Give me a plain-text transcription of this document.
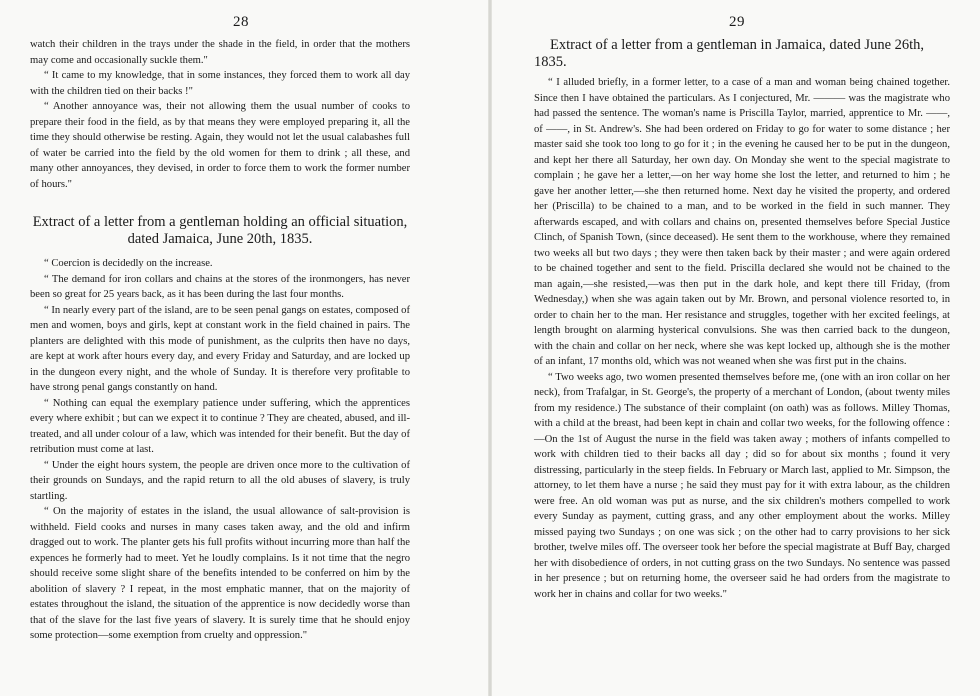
28

watch their children in the trays under the shade in the field, in order that the mothers may come and occasionally suckle them."

“ It came to my knowledge, that in some instances, they forced them to work all day with the children tied on their backs !"

“ Another annoyance was, their not allowing them the usual number of cooks to prepare their food in the field, as by that means they were employed preparing it, all the time they should otherwise be resting. Again, they would not let the usual calabashes full of water be carried into the field by the old women for them to drink ; all these, and many other annoyances, they devised, in order to force them to work the former number of hours."

Extract of a letter from a gentleman holding an official situation, dated Jamaica, June 20th, 1835.

“ Coercion is decidedly on the increase.

“ The demand for iron collars and chains at the stores of the ironmongers, has never been so great for 25 years back, as it has been during the last four months.

“ In nearly every part of the island, are to be seen penal gangs on estates, composed of men and women, boys and girls, kept at constant work in the field chained in pairs. The planters are delighted with this mode of punishment, as the culprits then have no days, are kept at work after hours every day, and every Friday and Saturday, and are locked up in the dungeon every night, and the whole of Sunday. It is therefore very profitable to have strong penal gangs constantly on hand.

“ Nothing can equal the exemplary patience under suffering, which the apprentices every where exhibit ; but can we expect it to continue ? They are cheated, abused, and ill-treated, and all under colour of a law, which was intended for their benefit. But the day of retribution must come at last.

“ Under the eight hours system, the people are driven once more to the cultivation of their grounds on Sundays, and the rapid return to all the old abuses of slavery, is truly startling.

“ On the majority of estates in the island, the usual allowance of salt-provision is withheld. Field cooks and nurses in many cases taken away, and the old and infirm dragged out to work. The planter gets his full profits without incurring more than half the expences he formerly had to meet. Yet he loudly complains. Is it not time that the negro should receive some slight share of the benefits intended to be conferred on him by the abolition of slavery ? I repeat, in the most emphatic manner, that on the majority of estates throughout the island, the situation of the apprentice is now decidedly worse than that of the slave for the last five years of slavery. It is surely time that he should enjoy some protection—some exemption from cruelty and oppression."

29
Extract of a letter from a gentleman in Jamaica, dated June 26th, 1835.

“ I alluded briefly, in a former letter, to a case of a man and woman being chained together. Since then I have obtained the particulars. As I conjectured, Mr. ——— was the magistrate who had passed the sentence. The woman's name is Priscilla Taylor, married, apprentice to Mr. ——, of ——, in St. Andrew's. She had been ordered on Friday to go for water to some distance ; her master said she took too long to go for it ; in the evening he caused her to be put in the dungeon, and kept her there all Saturday, her own day. On Monday she went to the special magistrate to complain ; he gave her a letter,—on her way home she lost the letter, and returned to him ; he gave her another letter,—she then returned home. Next day he visited the property, and ordered her (Priscilla) to be chained to a man, and to be worked in the field in such manner. They afterwards escaped, and with collars and chains on, presented themselves before Special Justice Clinch, of Spanish Town, (since deceased). He sent them to the workhouse, where they remained two weeks all but two days ; they were then taken back by their master ; and were again ordered to be chained together and sent to the field. Priscilla declared she would not be chained to the man again,—she resisted,—was then put in the dark hole, and kept there till Friday, (from Wednesday,) when she was again taken out by Mr. Brown, and personal violence resorted to, in order to chain her to the man. Her resistance and struggles, together with her excited feelings, at length brought on alarming hysterical convulsions. She was then carried back to the dungeon, with the chain and collar on her neck, where she was kept locked up, although she is the mother of an infant, 17 months old, which was not weaned when she was first put in the chains.

“ Two weeks ago, two women presented themselves before me, (one with an iron collar on her neck), from Trafalgar, in St. George's, the property of a merchant of London, (about twenty miles from my residence.) The substance of their complaint (on oath) was as follows. Milley Thomas, with a child at the breast, had been kept in chain and collar two weeks, for the following offence :—On the 1st of August the nurse in the field was taken away ; mothers of infants compelled to work with children tied to their backs all day ; did so for about six months ; found it very distressing, particularly in the steep fields. In February or March last, applied to Mr. Simpson, the attorney, to let them have a nurse ; he said they must pay for it with extra labour, as the children were free. An old woman was put as nurse, and the six children's mothers compelled to work every Sunday as payment, cutting grass, and any other employment about the works. Milley missed paying two Sundays ; on one was sick ; on the other had to carry provisions to her sick brother, twelve miles off. The overseer took her before the special magistrate at Buff Bay, charged her with disobedience of orders, in not cutting grass on the two Sundays. No sentence was passed in her presence ; but on returning home, the overseer said he had orders from the magistrate to work her in chains and collar for two weeks."
